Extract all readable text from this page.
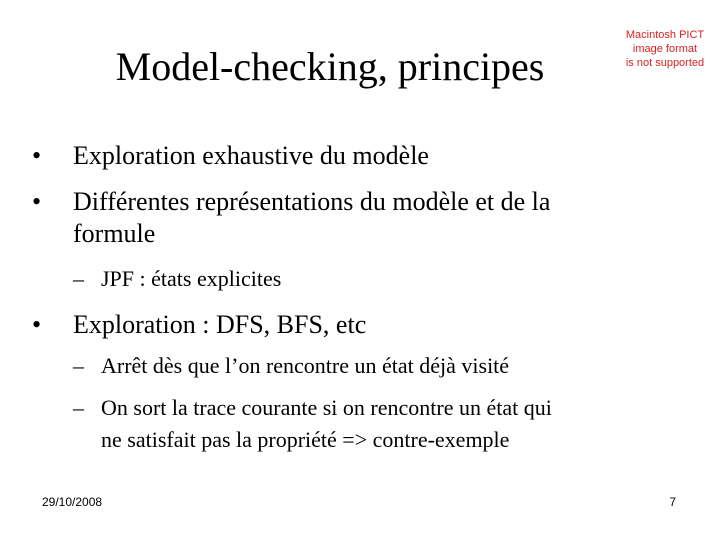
Model-checking, principes
Macintosh PICT
image format
is not supported
• Exploration exhaustive du modèle
• Différentes représentations du modèle et de la
formule
– JPF : états explicites
• Exploration : DFS, BFS, etc
– Arrêt dès que l’on rencontre un état déjà visité
– On sort la trace courante si on rencontre un état qui
ne satisfait pas la propriété => contre-exemple
29/10/2008	7
